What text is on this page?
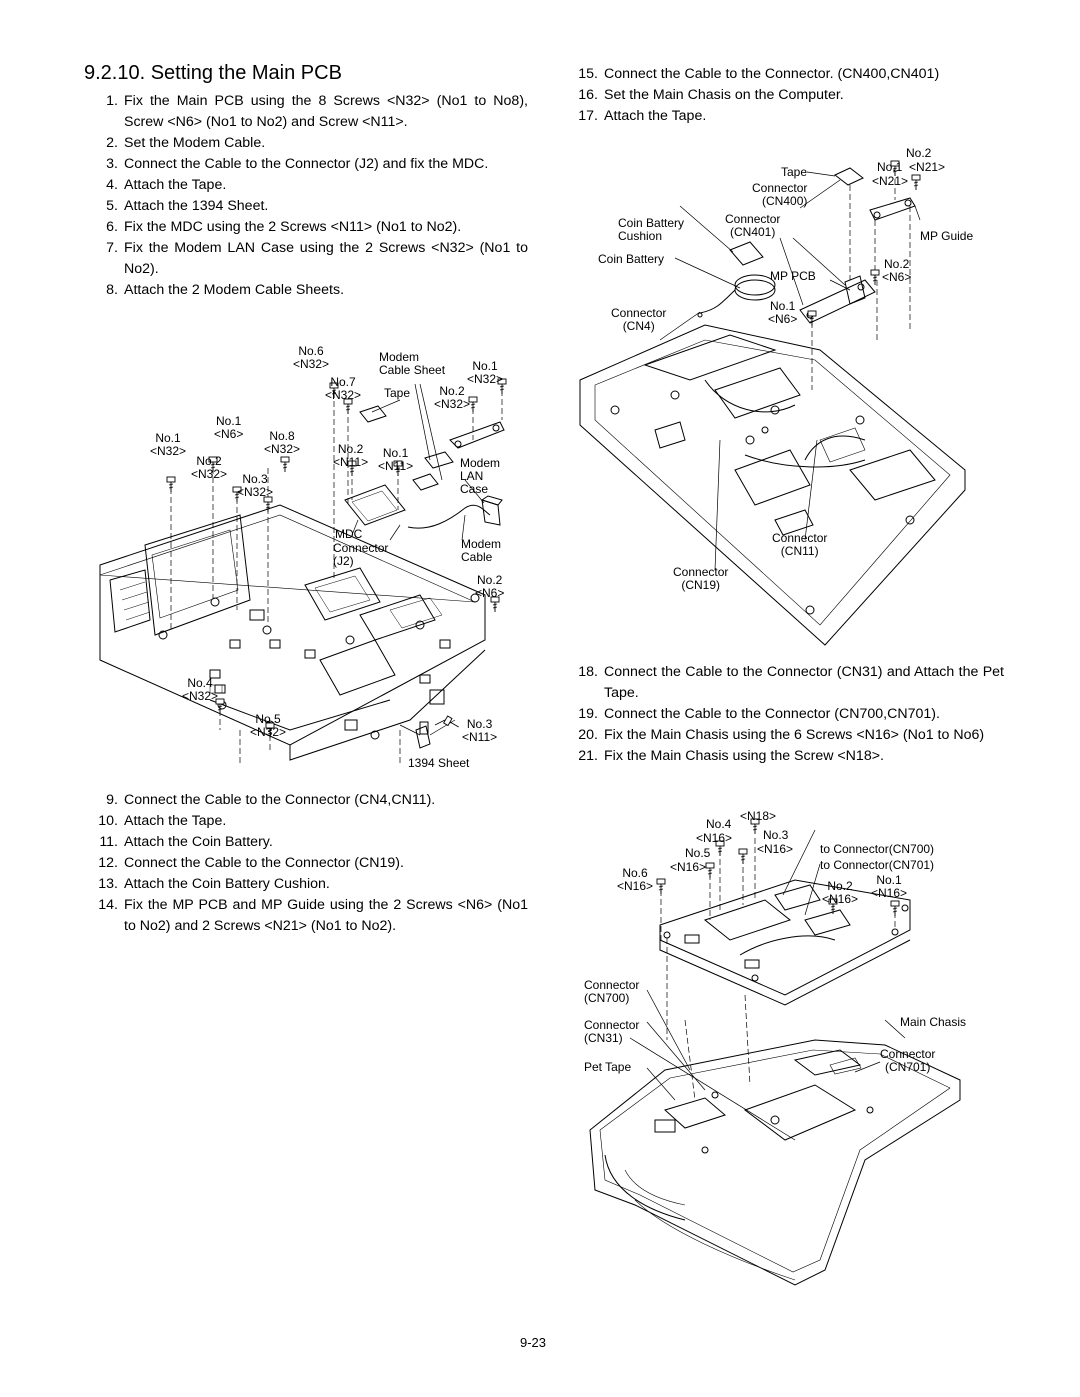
9.2.10. Setting the Main PCB
1. Fix the Main PCB using the 8 Screws <N32> (No1 to No8), Screw <N6> (No1 to No2) and Screw <N11>.
2. Set the Modem Cable.
3. Connect the Cable to the Connector (J2) and fix the MDC.
4. Attach the Tape.
5. Attach the 1394 Sheet.
6. Fix the MDC using the 2 Screws <N11> (No1 to No2).
7. Fix the Modem LAN Case using the 2 Screws <N32> (No1 to No2).
8. Attach the 2 Modem Cable Sheets.
9. Connect the Cable to the Connector (CN4,CN11).
10. Attach the Tape.
11. Attach the Coin Battery.
12. Connect the Cable to the Connector (CN19).
13. Attach the Coin Battery Cushion.
14. Fix the MP PCB and MP Guide using the 2 Screws <N6> (No1 to No2) and 2 Screws <N21> (No1 to No2).
15. Connect the Cable to the Connector. (CN400,CN401)
16. Set the Main Chasis on the Computer.
17. Attach the Tape.
18. Connect the Cable to the Connector (CN31) and Attach the Pet Tape.
19. Connect the Cable to the Connector (CN700,CN701).
20. Fix the Main Chasis using the 6 Screws <N16> (No1 to No6)
21. Fix the Main Chasis using the Screw <N18>.
No.6
<N32>
No.7
<N32>
Modem
Cable Sheet
Tape
No.1
<N32>
No.2
<N32>
No.1
<N6>	No.8
<N32>
No.1
<N32>
No.2
<N32>	No.3
<N32>
No.2
<N11>
No.1
<N11>	Modem
LAN
Case
MDC
Connector
(J2)
Modem
Cable
No.2
<N6>
No.4
<N32>
No.5
<N32>
No.3
<N11>
1394 Sheet
No.2
No.1  <N21>
<N21>
Tape
Connector
(CN400)
Coin Battery
Cushion
Connector
(CN401)	MP Guide
Coin Battery	No.2
<N6>
MP PCB
Connector
(CN4)
No.1
<N6>
Connector
(CN11)
Connector
(CN19)
No.4
<N18>
<N16>	No.3
<N16>
No.5
<N16>
to Connector(CN700)
to Connector(CN701)
No.6
<N16>	No.2
<N16>
No.1
<N16>
Connector
(CN700)
Connector
(CN31)
Main Chasis
Pet Tape
Connector
(CN701)
9-23
